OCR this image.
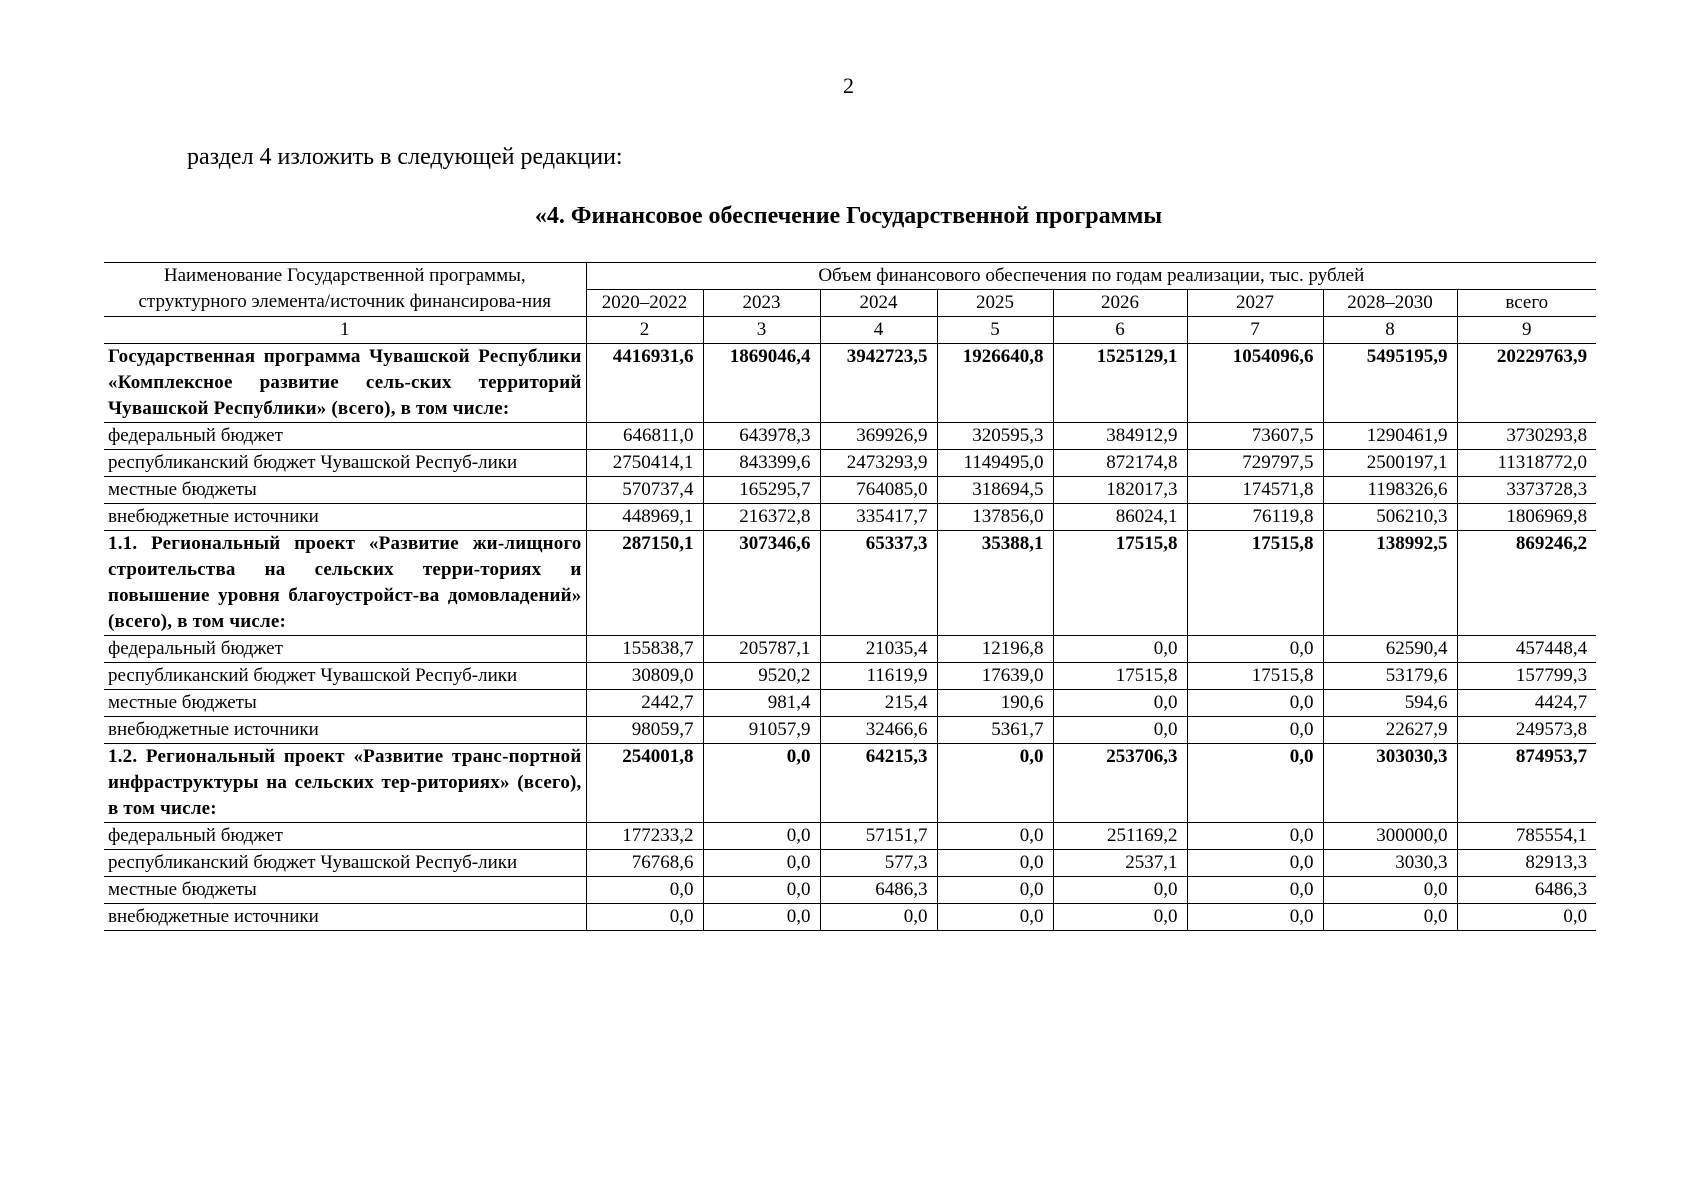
2
раздел 4 изложить в следующей редакции:
«4. Финансовое обеспечение Государственной программы
Наименование Государственной программы, структурного элемента/источник финансирова-ния	Объем финансового обеспечения по годам реализации, тыс. рублей							
	2020–2022	2023	2024	2025	2026	2027	2028–2030	всего
1	2	3	4	5	6	7	8	9
Государственная программа Чувашской Республики «Комплексное развитие сель-ских территорий Чувашской Республики» (всего), в том числе:	4416931,6	1869046,4	3942723,5	1926640,8	1525129,1	1054096,6	5495195,9	20229763,9
федеральный бюджет	646811,0	643978,3	369926,9	320595,3	384912,9	73607,5	1290461,9	3730293,8
республиканский бюджет Чувашской Респуб-лики	2750414,1	843399,6	2473293,9	1149495,0	872174,8	729797,5	2500197,1	11318772,0
местные бюджеты	570737,4	165295,7	764085,0	318694,5	182017,3	174571,8	1198326,6	3373728,3
внебюджетные источники	448969,1	216372,8	335417,7	137856,0	86024,1	76119,8	506210,3	1806969,8
1.1. Региональный проект «Развитие жи-лищного строительства на сельских терри-ториях и повышение уровня благоустройст-ва домовладений» (всего), в том числе:	287150,1	307346,6	65337,3	35388,1	17515,8	17515,8	138992,5	869246,2
федеральный бюджет	155838,7	205787,1	21035,4	12196,8	0,0	0,0	62590,4	457448,4
республиканский бюджет Чувашской Респуб-лики	30809,0	9520,2	11619,9	17639,0	17515,8	17515,8	53179,6	157799,3
местные бюджеты	2442,7	981,4	215,4	190,6	0,0	0,0	594,6	4424,7
внебюджетные источники	98059,7	91057,9	32466,6	5361,7	0,0	0,0	22627,9	249573,8
1.2. Региональный проект «Развитие транс-портной инфраструктуры на сельских тер-риториях» (всего), в том числе:	254001,8	0,0	64215,3	0,0	253706,3	0,0	303030,3	874953,7
федеральный бюджет	177233,2	0,0	57151,7	0,0	251169,2	0,0	300000,0	785554,1
республиканский бюджет Чувашской Респуб-лики	76768,6	0,0	577,3	0,0	2537,1	0,0	3030,3	82913,3
местные бюджеты	0,0	0,0	6486,3	0,0	0,0	0,0	0,0	6486,3
внебюджетные источники	0,0	0,0	0,0	0,0	0,0	0,0	0,0	0,0
